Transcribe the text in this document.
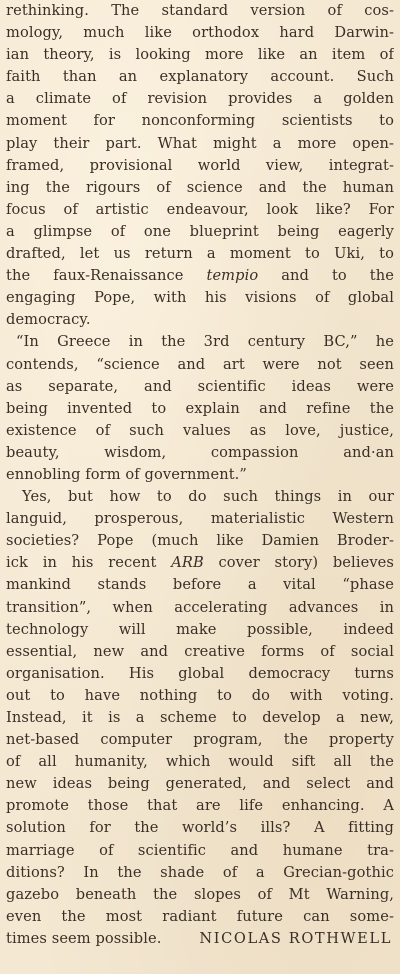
rethinking. The standard version of cos-
mology, much like orthodox hard Darwin-
ian theory, is looking more like an item of
faith than an explanatory account. Such
a climate of revision provides a golden
moment for nonconforming scientists to
play their part. What might a more open-
framed, provisional world view, integrat-
ing the rigours of science and the human
focus of artistic endeavour, look like? For
a glimpse of one blueprint being eagerly
drafted, let us return a moment to Uki, to
the faux-Renaissance tempio and to the
engaging Pope, with his visions of global
democracy.
“In Greece in the 3rd century BC,” he
contends, “science and art were not seen
as separate, and scientific ideas were
being invented to explain and refine the
existence of such values as love, justice,
beauty, wisdom, compassion and·an
ennobling form of government.”
Yes, but how to do such things in our
languid, prosperous, materialistic Western
societies? Pope (much like Damien Broder-
ick in his recent ARB cover story) believes
mankind stands before a vital “phase
transition”, when accelerating advances in
technology will make possible, indeed
essential, new and creative forms of social
organisation. His global democracy turns
out to have nothing to do with voting.
Instead, it is a scheme to develop a new,
net-based computer program, the property
of all humanity, which would sift all the
new ideas being generated, and select and
promote those that are life enhancing. A
solution for the world’s ills? A fitting
marriage of scientific and humane tra-
ditions? In the shade of a Grecian-gothic
gazebo beneath the slopes of Mt Warning,
even the most radiant future can some-
times seem possible.	NICOLAS ROTHWELL
